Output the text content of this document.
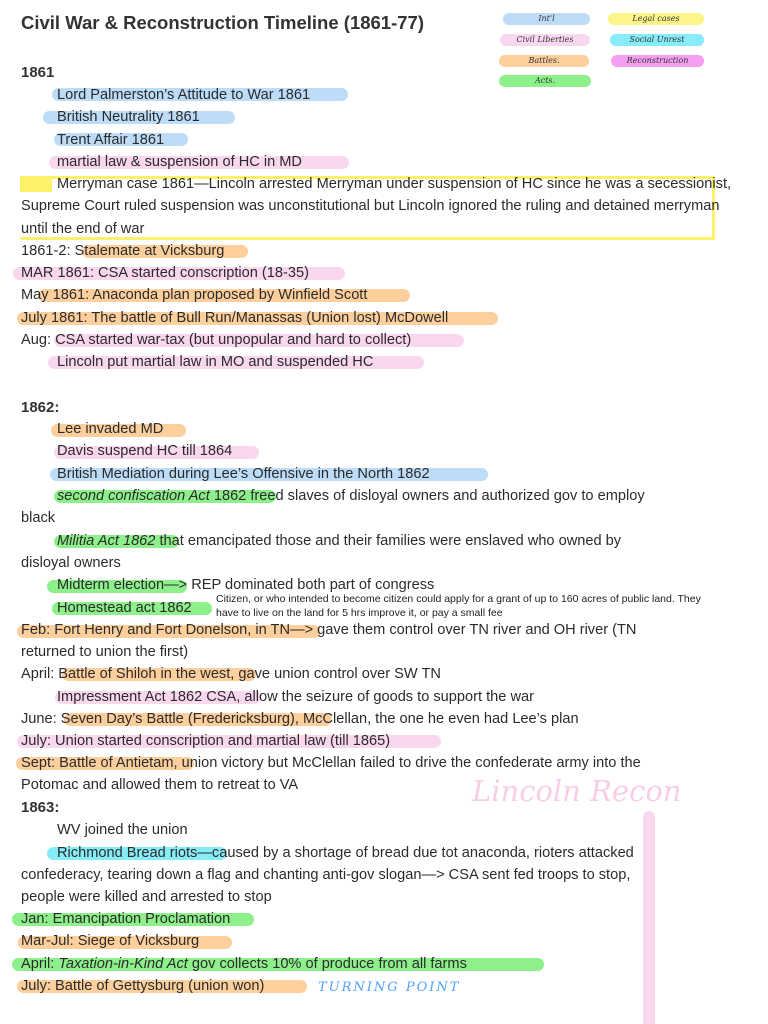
Civil War & Reconstruction Timeline (1861-77)	Int'l	Legal cases
Civil Liberties	Social Unrest
Battles.	Reconstruction
Acts.
Lincoln Recon
1861
Lord Palmerston’s Attitude to War 1861
British Neutrality 1861
Trent Affair 1861
martial law & suspension of HC in MD
Merryman case 1861—Lincoln arrested Merryman under suspension of HC since he was a secessionist, Supreme Court ruled suspension was unconstitutional but Lincoln ignored the ruling and detained merryman until the end of war
1861-2: Stalemate at Vicksburg
MAR 1861: CSA started conscription (18-35)
May 1861: Anaconda plan proposed by Winfield Scott
July 1861: The battle of Bull Run/Manassas (Union lost) McDowell
Aug: CSA started war-tax (but unpopular and hard to collect)
Lincoln put martial law in MO and suspended HC
1862:
Lee invaded MD
Davis suspend HC till 1864
British Mediation during Lee’s Offensive in the North 1862
second confiscation Act 1862 freed slaves of disloyal owners and authorized gov to employ
black
Militia Act 1862 that emancipated those and their families were enslaved who owned by
disloyal owners
Midterm election—> REP dominated both part of congress
Homestead act 1862
Citizen, or who intended to become citizen could apply for a grant of up to 160 acres of public land. They have to live on the land for 5 hrs improve it, or pay a small fee
Feb: Fort Henry and Fort Donelson, in TN—> gave them control over TN river and OH river (TN
returned to union the first)
April: Battle of Shiloh in the west, gave union control over SW TN
Impressment Act 1862 CSA, allow the seizure of goods to support the war
June: Seven Day’s Battle (Fredericksburg), McClellan, the one he even had Lee’s plan
July: Union started conscription and martial law (till 1865)
Sept: Battle of Antietam, union victory but McClellan failed to drive the confederate army into the
Potomac and allowed them to retreat to VA
1863:
WV joined the union
Richmond Bread riots—caused by a shortage of bread due tot anaconda, rioters attacked
confederacy, tearing down a flag and chanting anti-gov slogan—> CSA sent fed troops to stop,
people were killed and arrested to stop
Jan: Emancipation Proclamation
Mar-Jul: Siege of Vicksburg
April: Taxation-in-Kind Act gov collects 10% of produce from all farms
July: Battle of Gettysburg (union won)	TURNING POINT
